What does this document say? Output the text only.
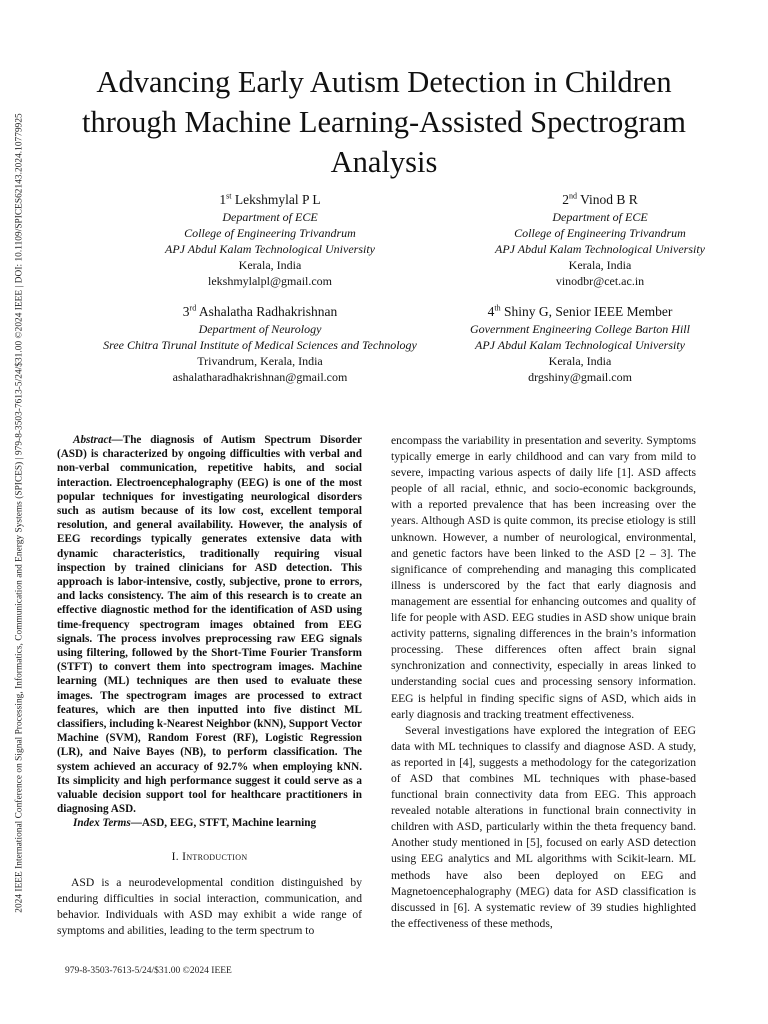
2024 IEEE International Conference on Signal Processing, Informatics, Communication and Energy Systems (SPICES) | 979-8-3503-7613-5/24/$31.00 ©2024 IEEE | DOI: 10.1109/SPICES62143.2024.10779925
Advancing Early Autism Detection in Children through Machine Learning-Assisted Spectrogram Analysis
1st Lekshmylal P L
Department of ECE
College of Engineering Trivandrum
APJ Abdul Kalam Technological University
Kerala, India
lekshmylalpl@gmail.com
2nd Vinod B R
Department of ECE
College of Engineering Trivandrum
APJ Abdul Kalam Technological University
Kerala, India
vinodbr@cet.ac.in
3rd Ashalatha Radhakrishnan
Department of Neurology
Sree Chitra Tirunal Institute of Medical Sciences and Technology
Trivandrum, Kerala, India
ashalatharadhakrishnan@gmail.com
4th Shiny G, Senior IEEE Member
Government Engineering College Barton Hill
APJ Abdul Kalam Technological University
Kerala, India
drgshiny@gmail.com

Abstract—The diagnosis of Autism Spectrum Disorder (ASD) is characterized by ongoing difficulties with verbal and non-verbal communication, repetitive habits, and social interaction. Electroencephalography (EEG) is one of the most popular techniques for investigating neurological disorders such as autism because of its low cost, excellent temporal resolution, and general availability. However, the analysis of EEG recordings typically generates extensive data with dynamic characteristics, traditionally requiring visual inspection by trained clinicians for ASD detection. This approach is labor-intensive, costly, subjective, prone to errors, and lacks consistency. The aim of this research is to create an effective diagnostic method for the identification of ASD using time-frequency spectrogram images obtained from EEG signals. The process involves preprocessing raw EEG signals using filtering, followed by the Short-Time Fourier Transform (STFT) to convert them into spectrogram images. Machine learning (ML) techniques are then used to evaluate these images. The spectrogram images are processed to extract features, which are then inputted into five distinct ML classifiers, including k-Nearest Neighbor (kNN), Support Vector Machine (SVM), Random Forest (RF), Logistic Regression (LR), and Naive Bayes (NB), to perform classification. The system achieved an accuracy of 92.7% when employing kNN. Its simplicity and high performance suggest it could serve as a valuable decision support tool for healthcare practitioners in diagnosing ASD.

Index Terms—ASD, EEG, STFT, Machine learning

I. Introduction

ASD is a neurodevelopmental condition distinguished by enduring difficulties in social interaction, communication, and behavior. Individuals with ASD may exhibit a wide range of symptoms and abilities, leading to the term spectrum to

encompass the variability in presentation and severity. Symptoms typically emerge in early childhood and can vary from mild to severe, impacting various aspects of daily life [1]. ASD affects people of all racial, ethnic, and socio-economic backgrounds, with a reported prevalence that has been increasing over the years. Although ASD is quite common, its precise etiology is still unknown. However, a number of neurological, environmental, and genetic factors have been linked to the ASD [2 – 3]. The significance of comprehending and managing this complicated illness is underscored by the fact that early diagnosis and management are essential for enhancing outcomes and quality of life for people with ASD. EEG studies in ASD show unique brain activity patterns, signaling differences in the brain’s information processing. These differences often affect brain signal synchronization and connectivity, especially in areas linked to understanding social cues and processing sensory information. EEG is helpful in finding specific signs of ASD, which aids in early diagnosis and tracking treatment effectiveness.

Several investigations have explored the integration of EEG data with ML techniques to classify and diagnose ASD. A study, as reported in [4], suggests a methodology for the categorization of ASD that combines ML techniques with phase-based functional brain connectivity data from EEG. This approach revealed notable alterations in functional brain connectivity in children with ASD, particularly within the theta frequency band. Another study mentioned in [5], focused on early ASD detection using EEG analytics and ML algorithms with Scikit-learn. ML methods have also been deployed on EEG and Magnetoencephalography (MEG) data for ASD classification is discussed in [6]. A systematic review of 39 studies highlighted the effectiveness of these methods,

979-8-3503-7613-5/24/$31.00 ©2024 IEEE
